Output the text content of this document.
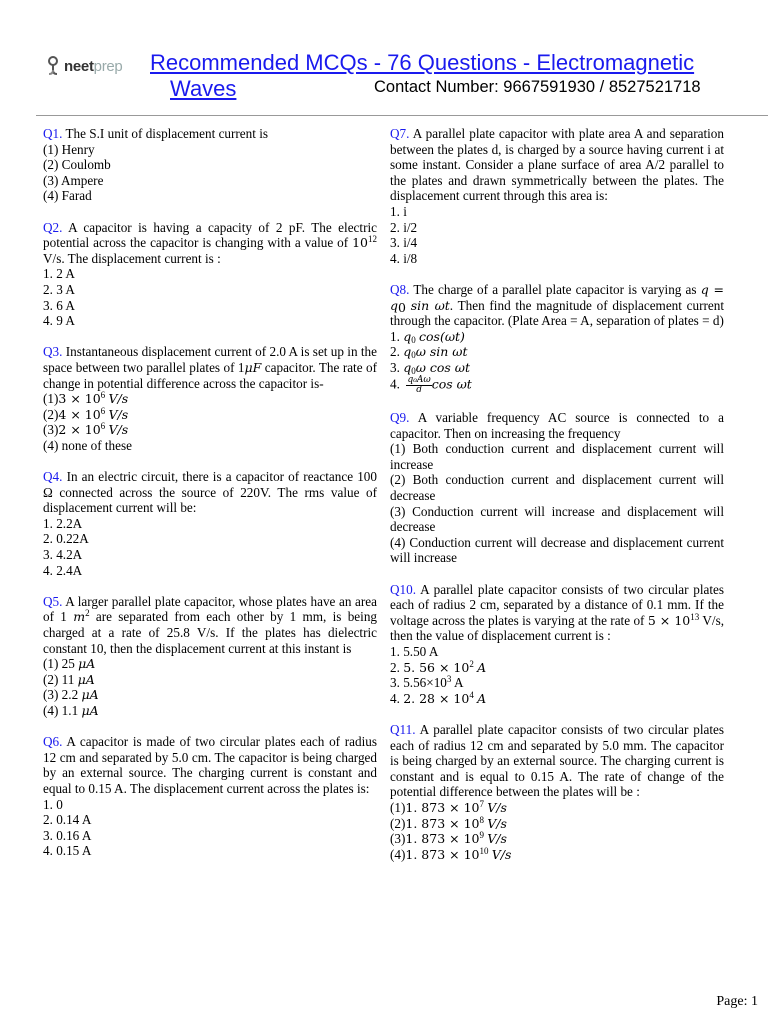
neetprep Recommended MCQs - 76 Questions - Electromagnetic
Waves	Contact Number: 9667591930 / 8527521718
Q1. The S.I unit of displacement current is
(1) Henry
(2) Coulomb
(3) Ampere
(4) Farad
Q2. A capacitor is having a capacity of 2 pF. The electric potential across the capacitor is changing with a value of $10^{12}$ V/s. The displacement current is :
1. 2 A
2. 3 A
3. 6 A
4. 9 A
Q3. Instantaneous displacement current of 2.0 A is set up in the space between two parallel plates of 1μF capacitor. The rate of change in potential difference across the capacitor is-
$(1)3 \times 10^6$ V/s
$(2)4 \times 10^6$ V/s
$(3)2 \times 10^6$ V/s
(4) none of these
Q4. In an electric circuit, there is a capacitor of reactance 100 Ω connected across the source of 220V. The rms value of displacement current will be:
1. 2.2A
2. 0.22A
3. 4.2A
4. 2.4A
Q5. A larger parallel plate capacitor, whose plates have an area of 1 $m^2$ are separated from each other by 1 mm, is being charged at a rate of 25.8 V/s. If the plates has dielectric constant 10, then the displacement current at this instant is
(1) 25 μA
(2) 11 μA
(3) 2.2 μA
(4) 1.1 μA
Q6. A capacitor is made of two circular plates each of radius 12 cm and separated by 5.0 cm. The capacitor is being charged by an external source. The charging current is constant and equal to 0.15 A. The displacement current across the plates is:
1. 0
2. 0.14 A
3. 0.16 A
4. 0.15 A
Q7. A parallel plate capacitor with plate area A and separation between the plates d, is charged by a source having current i at some instant. Consider a plane surface of area A/2 parallel to the plates and drawn symmetrically between the plates. The displacement current through this area is:
1. i
2. i/2
3. i/4
4. i/8
Q8. The charge of a parallel plate capacitor is varying as $q = q_0$ sin ωt. Then find the magnitude of displacement current through the capacitor. (Plate Area = A, separation of plates = d)
1. $q_0$ cos(ωt)
2. $q_0\omega$ sin ωt
3. $q_0\omega$ cos ωt
4. $\frac{\text{q₀Aω}}{d}$ cos ωt
Q9. A variable frequency AC source is connected to a capacitor. Then on increasing the frequency
(1) Both conduction current and displacement current will increase
(2) Both conduction current and displacement current will decrease
(3) Conduction current will increase and displacement will decrease
(4) Conduction current will decrease and displacement current will increase
Q10. A parallel plate capacitor consists of two circular plates each of radius 2 cm, separated by a distance of 0.1 mm. If the voltage across the plates is varying at the rate of $5 \times 10^{13}$ V/s, then the value of displacement current is :
1. 5.50 A
2. 5. $56 \times 10^2$ A
3. $5.56\times 10^3$ A
4. 2. $28 \times 10^4$ A
Q11. A parallel plate capacitor consists of two circular plates each of radius 12 cm and separated by 5.0 mm. The capacitor is being charged by an external source. The charging current is constant and is equal to 0.15 A. The rate of change of the potential difference between the plates will be :
(1)1. $873 \times 10^7$ V/s
(2)1. $873 \times 10^8$ V/s
(3)1. $873 \times 10^9$ V/s
(4)1. $873 \times 10^{10}$ V/s
Page: 1
